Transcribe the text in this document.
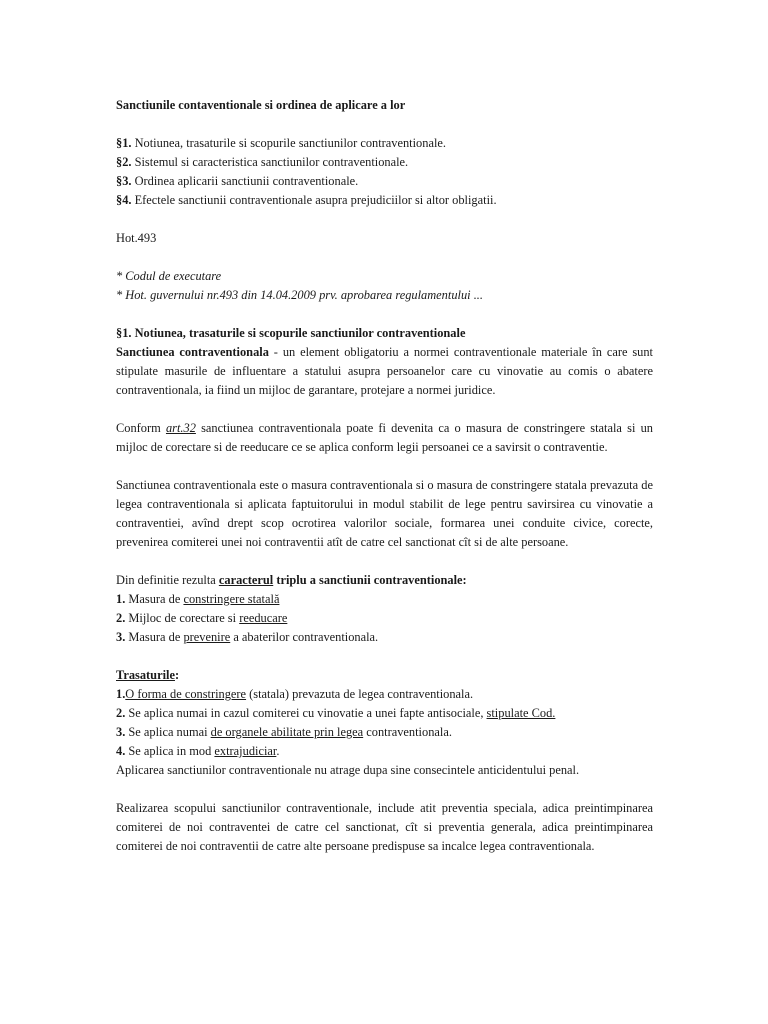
Sanctiunile contaventionale si ordinea de aplicare a lor

§1. Notiunea, trasaturile si scopurile sanctiunilor contraventionale.
§2. Sistemul si caracteristica sanctiunilor contraventionale.
§3. Ordinea aplicarii sanctiunii contraventionale.
§4. Efectele sanctiunii contraventionale asupra prejudiciilor si altor obligatii.

Hot.493

* Codul de executare
* Hot. guvernului nr.493 din 14.04.2009 prv. aprobarea regulamentului ...
§1. Notiunea, trasaturile si scopurile sanctiunilor contraventionale

Sanctiunea contraventionala - un element obligatoriu a normei contraventionale materiale în care sunt stipulate masurile de influentare a statului asupra persoanelor care cu vinovatie au comis o abatere contraventionala, ia fiind un mijloc de garantare, protejare a normei juridice.

Conform art.32 sanctiunea contraventionala poate fi devenita ca o masura de constringere statala si un mijloc de corectare si de reeducare ce se aplica conform legii persoanei ce a savirsit o contraventie.

Sanctiunea contraventionala este o masura contraventionala si o masura de constringere statala prevazuta de legea contraventionala si aplicata faptuitorului in modul stabilit de lege pentru savirsirea cu vinovatie a contraventiei, avînd drept scop ocrotirea valorilor sociale, formarea unei conduite civice, corecte, prevenirea comiterei unei noi contraventii atît de catre cel sanctionat cît si de alte persoane.

Din definitie rezulta caracterul triplu a sanctiunii contraventionale:
1. Masura de constringere statală
2. Mijloc de corectare si reeducare
3. Masura de prevenire a abaterilor contraventionala.
Trasaturile:
1.O forma de constringere (statala) prevazuta de legea contraventionala.
2. Se aplica numai in cazul comiterei cu vinovatie a unei fapte antisociale, stipulate Cod.
3. Se aplica numai de organele abilitate prin legea contraventionala.
4. Se aplica in mod extrajudiciar.
Aplicarea sanctiunilor contraventionale nu atrage dupa sine consecintele anticidentului penal.

Realizarea scopului sanctiunilor contraventionale, include atit preventia speciala, adica preintimpinarea comiterei de noi contraventei de catre cel sanctionat, cît si preventia generala, adica preintimpinarea comiterei de noi contraventii de catre alte persoane predispuse sa incalce legea contraventionala.
